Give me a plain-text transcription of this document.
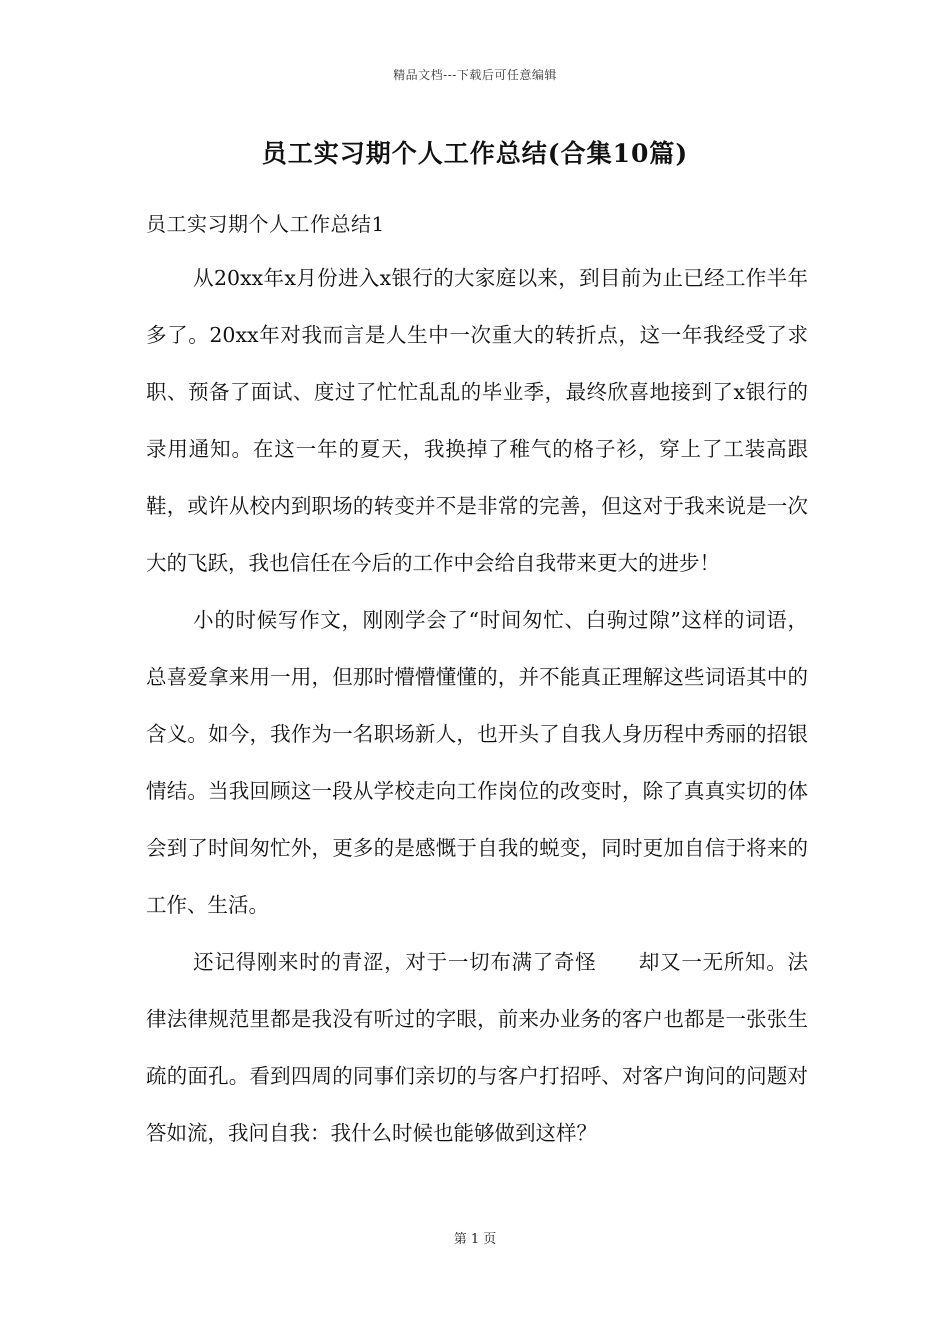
精品文档---下载后可任意编辑
员工实习期个人工作总结(合集10篇)
员工实习期个人工作总结1

从20xx年x月份进入x银行的大家庭以来，到目前为止已经工作半年多了。20xx年对我而言是人生中一次重大的转折点，这一年我经受了求职、预备了面试、度过了忙忙乱乱的毕业季，最终欣喜地接到了x银行的录用通知。在这一年的夏天，我换掉了稚气的格子衫，穿上了工装高跟鞋，或许从校内到职场的转变并不是非常的完善，但这对于我来说是一次大的飞跃，我也信任在今后的工作中会给自我带来更大的进步！

小的时候写作文，刚刚学会了“时间匆忙、白驹过隙”这样的词语，总喜爱拿来用一用，但那时懵懵懂懂的，并不能真正理解这些词语其中的含义。如今，我作为一名职场新人，也开头了自我人身历程中秀丽的招银情结。当我回顾这一段从学校走向工作岗位的改变时，除了真真实切的体会到了时间匆忙外，更多的是感慨于自我的蜕变，同时更加自信于将来的工作、生活。

还记得刚来时的青涩，对于一切布满了奇怪　　却又一无所知。法律法律规范里都是我没有听过的字眼，前来办业务的客户也都是一张张生疏的面孔。看到四周的同事们亲切的与客户打招呼、对客户询问的问题对答如流，我问自我：我什么时候也能够做到这样？

第 1 页
